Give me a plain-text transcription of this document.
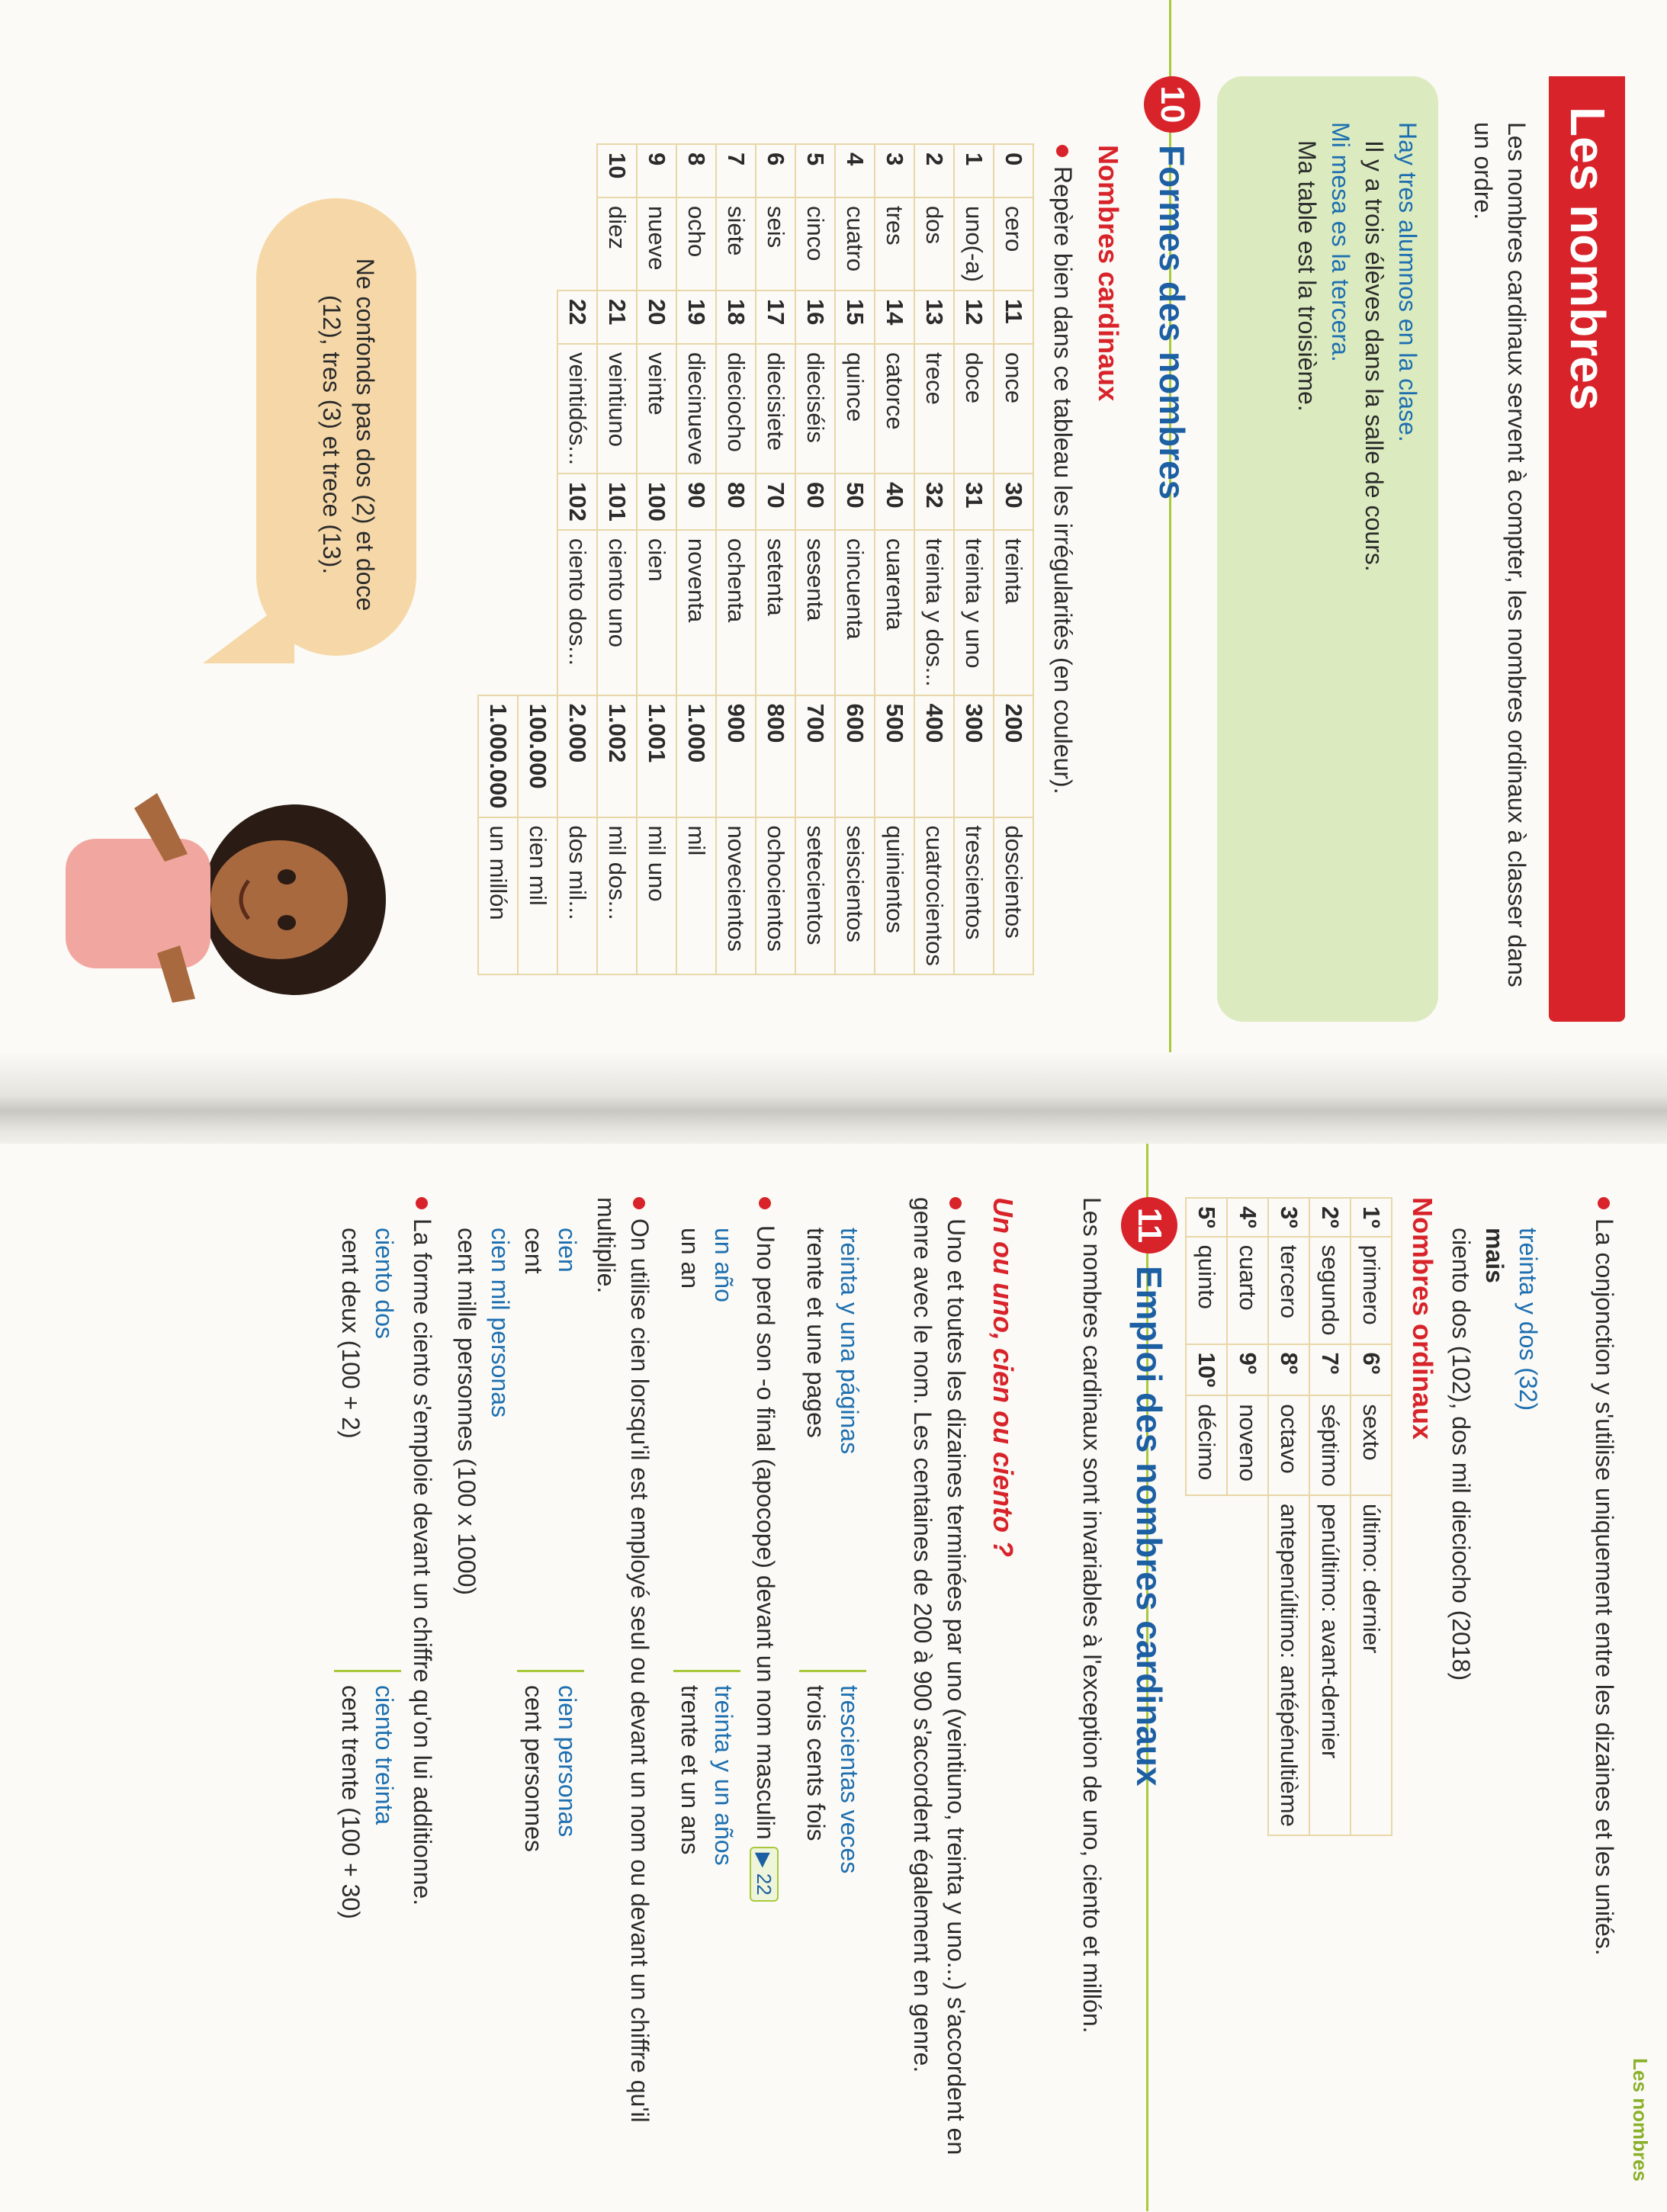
Les nombres
Les nombres cardinaux servent à compter, les nombres ordinaux à classer dans un ordre.
Hay tres alumnos en la clase.
Il y a trois élèves dans la salle de cours.
Mi mesa es la tercera.
Ma table est la troisième.
10
Formes des nombres
Nombres cardinaux
Repère bien dans ce tableau les irrégularités (en couleur).
0	cero	11	once	30	treinta	200	doscientos
1	uno(-a)	12	doce	31	treinta y uno	300	trescientos
2	dos	13	trece	32	treinta y dos...	400	cuatrocientos
3	tres	14	catorce	40	cuarenta	500	quinientos
4	cuatro	15	quince	50	cincuenta	600	seiscientos
5	cinco	16	dieciséis	60	sesenta	700	setecientos
6	seis	17	diecisiete	70	setenta	800	ochocientos
7	siete	18	dieciocho	80	ochenta	900	novecientos
8	ocho	19	diecinueve	90	noventa	1.000	mil
9	nueve	20	veinte	100	cien	1.001	mil uno
10	diez	21	veintiuno	101	ciento uno	1.002	mil dos...
		22	veintidós...	102	ciento dos...	2.000	dos mil...
						100.000	cien mil
						1.000.000	un millón
Ne confonds pas dos (2) et doce (12), tres (3) et trece (13).
Les nombres
La conjonction y s'utilise uniquement entre les dizaines et les unités.
treinta y dos (32)
mais
ciento dos (102), dos mil dieciocho (2018)
Nombres ordinaux
1º	primero	6º	sexto	último: dernier
2º	segundo	7º	séptimo	penúltimo: avant-dernier
3º	tercero	8º	octavo	antepenúltimo: antépénultième
4º	cuarto	9º	noveno	
5º	quinto	10º	décimo	
11
Emploi des nombres cardinaux
Les nombres cardinaux sont invariables à l'exception de uno, ciento et millón.
Un ou uno, cien ou ciento ?
Uno et toutes les dizaines terminées par uno (veintiuno, treinta y uno...) s'accordent en genre avec le nom. Les centaines de 200 à 900 s'accordent également en genre.
treinta y una páginas
trente et une pages
trescientas veces
trois cents fois
Uno perd son -o final (apocope) devant un nom masculin ▶ 22
un año
un an
treinta y un años
trente et un ans
On utilise cien lorsqu'il est employé seul ou devant un nom ou devant un chiffre qu'il multiplie.
cien
cent
cien mil personas
cent mille personnes (100 x 1000)
cien personas
cent personnes
La forme ciento s'emploie devant un chiffre qu'on lui additionne.
ciento dos
cent deux (100 + 2)
ciento treinta
cent trente (100 + 30)
